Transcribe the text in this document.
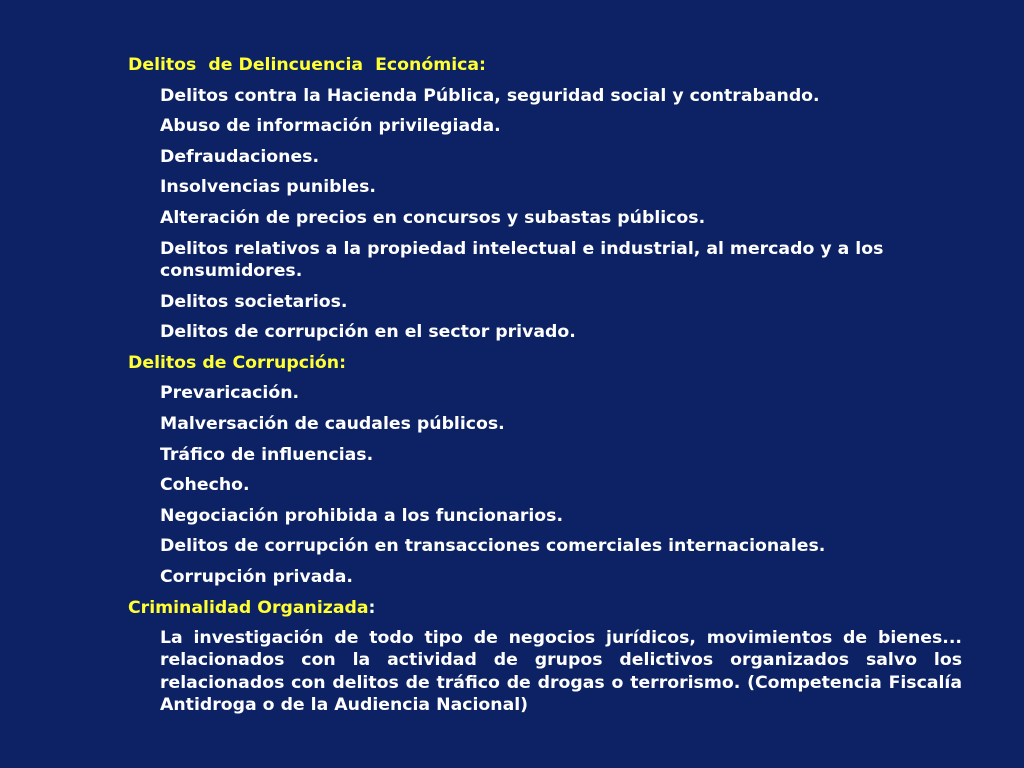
Delitos  de Delincuencia  Económica:
Delitos contra la Hacienda Pública, seguridad social y contrabando.
Abuso de información privilegiada.
Defraudaciones.
Insolvencias punibles.
Alteración de precios en concursos y subastas públicos.
Delitos relativos a la propiedad intelectual e industrial, al mercado y a los consumidores.
Delitos societarios.
Delitos de corrupción en el sector privado.
Delitos de Corrupción:
Prevaricación.
Malversación de caudales públicos.
Tráfico de influencias.
Cohecho.
Negociación prohibida a los funcionarios.
Delitos de corrupción en transacciones comerciales internacionales.
Corrupción privada.
Criminalidad Organizada :
La investigación de todo tipo de negocios jurídicos, movimientos de bienes... relacionados con la actividad de grupos delictivos organizados salvo los relacionados con delitos de tráfico de drogas o terrorismo. (Competencia Fiscalía Antidroga o de la Audiencia Nacional)
